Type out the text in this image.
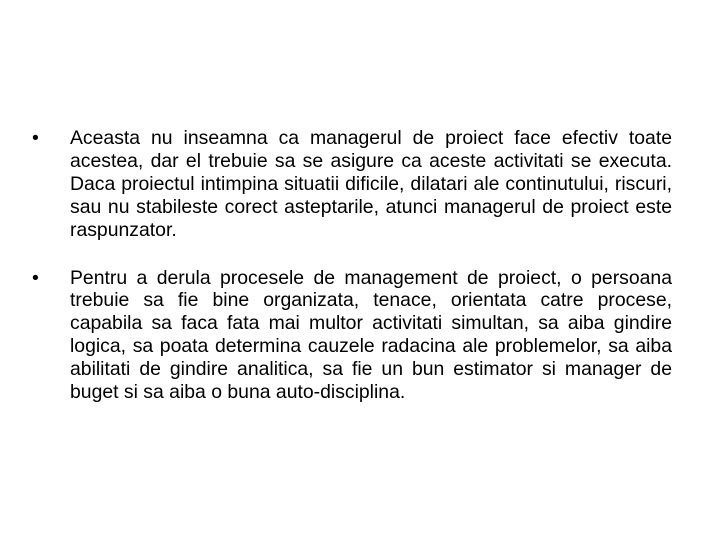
•	Aceasta nu inseamna ca managerul de proiect face efectiv toate acestea, dar el trebuie sa se asigure ca aceste activitati se executa. Daca proiectul intimpina situatii dificile, dilatari ale continutului, riscuri, sau nu stabileste corect asteptarile, atunci managerul de proiect este raspunzator.
•	Pentru a derula procesele de management de proiect, o persoana trebuie sa fie bine organizata, tenace, orientata catre procese, capabila sa faca fata mai multor activitati simultan, sa aiba gindire logica, sa poata determina cauzele radacina ale problemelor, sa aiba abilitati de gindire analitica, sa fie un bun estimator si manager de buget si sa aiba o buna auto-disciplina.
